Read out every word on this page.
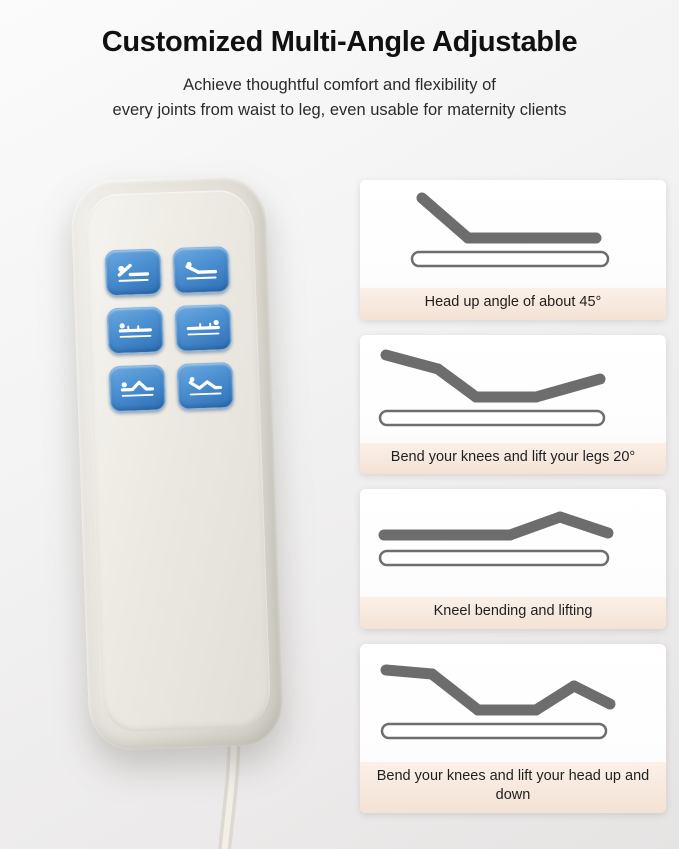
Customized Multi-Angle Adjustable

Achieve thoughtful comfort and flexibility of
every joints from waist to leg, even usable for maternity clients

Head up angle of about 45°
Bend your knees and lift your legs 20°
Kneel bending and lifting
Bend your knees and lift your head up and down
